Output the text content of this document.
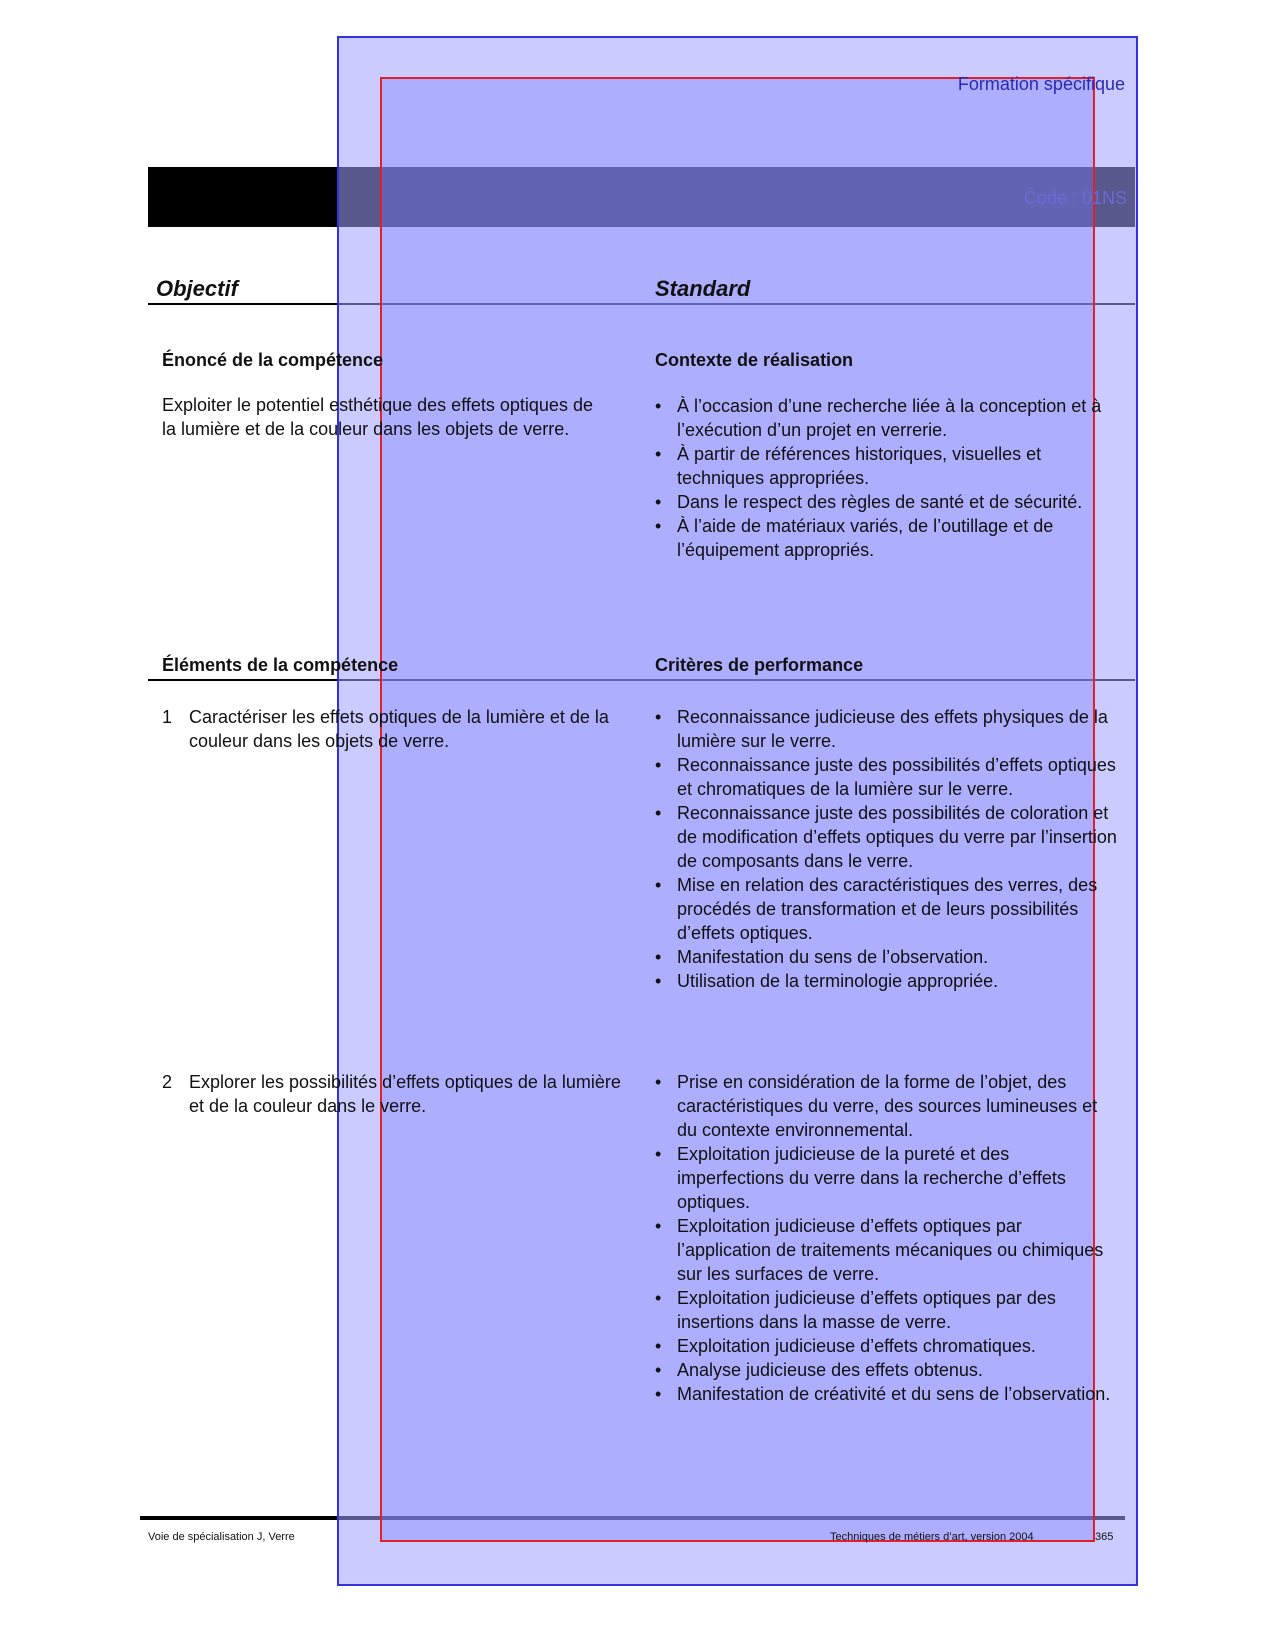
Formation spécifique
Code : 01NS
Objectif	Standard
Énoncé de la compétence	Contexte de réalisation
Exploiter le potentiel esthétique des effets optiques de la lumière et de la couleur dans les objets de verre.
• À l’occasion d’une recherche liée à la conception et à l’exécution d’un projet en verrerie.
• À partir de références historiques, visuelles et techniques appropriées.
• Dans le respect des règles de santé et de sécurité.
• À l’aide de matériaux variés, de l’outillage et de l’équipement appropriés.
Éléments de la compétence	Critères de performance
1 Caractériser les effets optiques de la lumière et de la couleur dans les objets de verre.
• Reconnaissance judicieuse des effets physiques de la lumière sur le verre.
• Reconnaissance juste des possibilités d’effets optiques et chromatiques de la lumière sur le verre.
• Reconnaissance juste des possibilités de coloration et de modification d’effets optiques du verre par l’insertion de composants dans le verre.
• Mise en relation des caractéristiques des verres, des procédés de transformation et de leurs possibilités d’effets optiques.
• Manifestation du sens de l’observation.
• Utilisation de la terminologie appropriée.
2 Explorer les possibilités d’effets optiques de la lumière et de la couleur dans le verre.
• Prise en considération de la forme de l’objet, des caractéristiques du verre, des sources lumineuses et du contexte environnemental.
• Exploitation judicieuse de la pureté et des imperfections du verre dans la recherche d’effets optiques.
• Exploitation judicieuse d’effets optiques par l’application de traitements mécaniques ou chimiques sur les surfaces de verre.
• Exploitation judicieuse d’effets optiques par des insertions dans la masse de verre.
• Exploitation judicieuse d’effets chromatiques.
• Analyse judicieuse des effets obtenus.
• Manifestation de créativité et du sens de l’observation.
Voie de spécialisation J, Verre	Techniques de métiers d’art, version 2004	365
